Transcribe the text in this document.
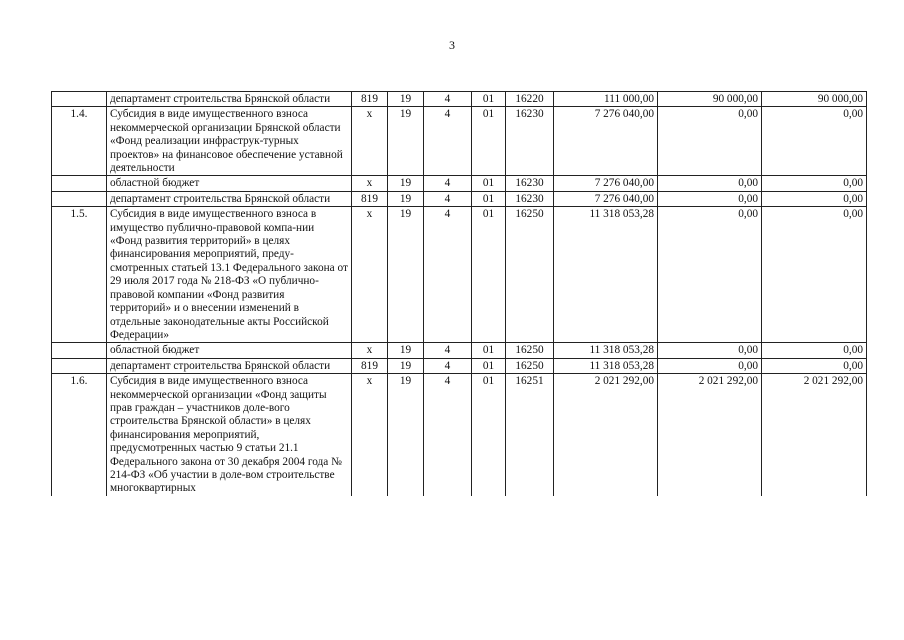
3
	департамент строительства Брянской области	819	19	4	01	16220	111 000,00	90 000,00	90 000,00
1.4.	Субсидия в виде имущественного взноса некоммерческой организации Брянской области «Фонд реализации инфраструк-турных проектов» на финансовое обеспечение уставной деятельности	х	19	4	01	16230	7 276 040,00	0,00	0,00
	областной бюджет	х	19	4	01	16230	7 276 040,00	0,00	0,00
	департамент строительства Брянской области	819	19	4	01	16230	7 276 040,00	0,00	0,00
1.5.	Субсидия в виде имущественного взноса в имущество публично-правовой компа-нии «Фонд развития территорий» в целях финансирования мероприятий, преду-смотренных статьей 13.1 Федерального закона от 29 июля 2017 года № 218-ФЗ «О публично-правовой компании «Фонд развития территорий» и о внесении изменений в отдельные законодательные акты Российской Федерации»	х	19	4	01	16250	11 318 053,28	0,00	0,00
	областной бюджет	х	19	4	01	16250	11 318 053,28	0,00	0,00
	департамент строительства Брянской области	819	19	4	01	16250	11 318 053,28	0,00	0,00
1.6.	Субсидия в виде имущественного взноса некоммерческой организации «Фонд защиты прав граждан – участников доле-вого строительства Брянской области» в целях финансирования мероприятий, предусмотренных частью 9 статьи 21.1 Федерального закона от 30 декабря 2004 года № 214-ФЗ «Об участии в доле-вом строительстве многоквартирных	х	19	4	01	16251	2 021 292,00	2 021 292,00	2 021 292,00
